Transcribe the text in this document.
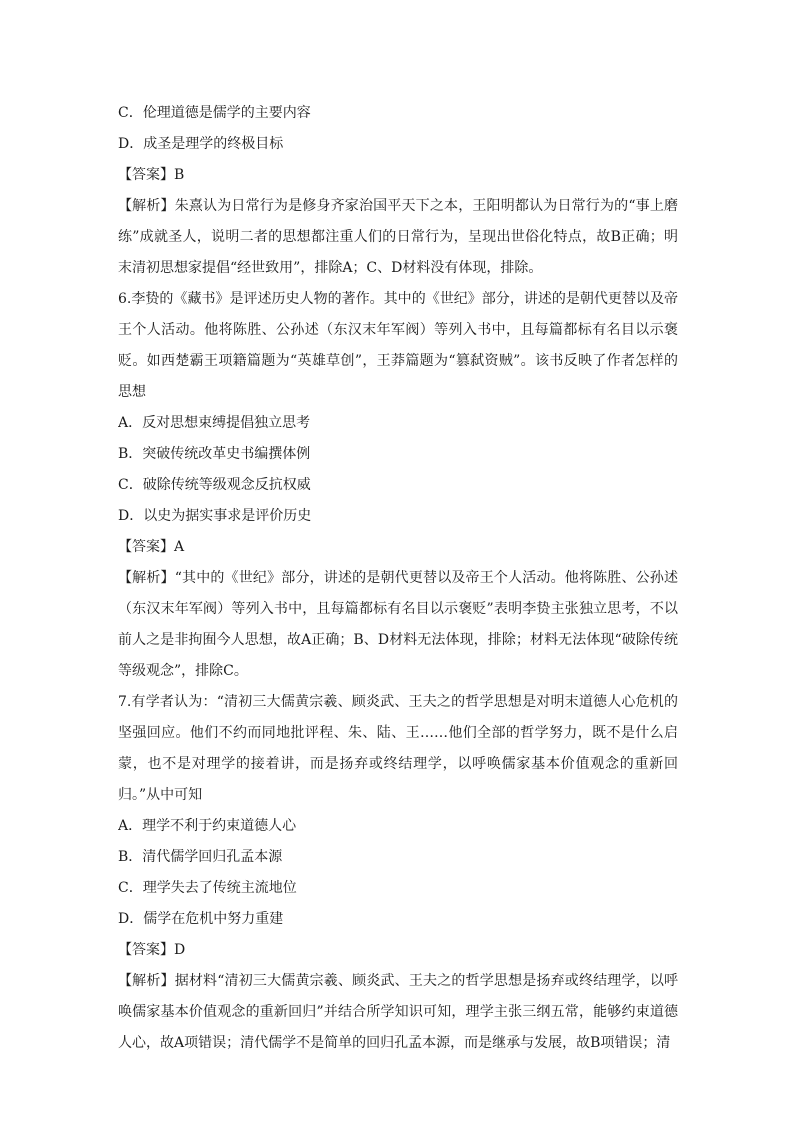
C．伦理道德是儒学的主要内容
D．成圣是理学的终极目标
【答案】B
【解析】朱熹认为日常行为是修身齐家治国平天下之本，王阳明都认为日常行为的“事上磨练”成就圣人，说明二者的思想都注重人们的日常行为，呈现出世俗化特点，故B正确；明末清初思想家提倡“经世致用”，排除A；C、D材料没有体现，排除。
6.李贽的《藏书》是评述历史人物的著作。其中的《世纪》部分，讲述的是朝代更替以及帝王个人活动。他将陈胜、公孙述（东汉末年军阀）等列入书中，且每篇都标有名目以示褒贬。如西楚霸王项籍篇题为“英雄草创”，王莽篇题为“篡弑资贼”。该书反映了作者怎样的思想
A．反对思想束缚提倡独立思考
B．突破传统改革史书编撰体例
C．破除传统等级观念反抗权威
D．以史为据实事求是评价历史
【答案】A
【解析】“其中的《世纪》部分，讲述的是朝代更替以及帝王个人活动。他将陈胜、公孙述（东汉末年军阀）等列入书中，且每篇都标有名目以示褒贬”表明李贽主张独立思考，不以前人之是非拘囿今人思想，故A正确；B、D材料无法体现，排除；材料无法体现“破除传统等级观念”，排除C。
7.有学者认为：“清初三大儒黄宗羲、顾炎武、王夫之的哲学思想是对明末道德人心危机的坚强回应。他们不约而同地批评程、朱、陆、王……他们全部的哲学努力，既不是什么启蒙，也不是对理学的接着讲，而是扬弃或终结理学，以呼唤儒家基本价值观念的重新回归。”从中可知
A．理学不利于约束道德人心
B．清代儒学回归孔孟本源
C．理学失去了传统主流地位
D．儒学在危机中努力重建
【答案】D
【解析】据材料“清初三大儒黄宗羲、顾炎武、王夫之的哲学思想是扬弃或终结理学，以呼唤儒家基本价值观念的重新回归”并结合所学知识可知，理学主张三纲五常，能够约束道德人心，故A项错误；清代儒学不是简单的回归孔孟本源，而是继承与发展，故B项错误；清
